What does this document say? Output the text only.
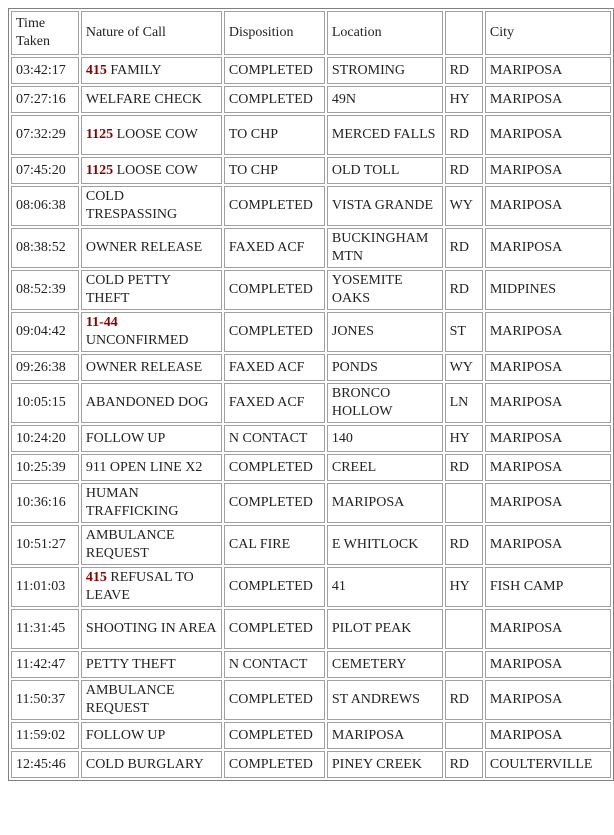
Time Taken	Nature of Call	Disposition	Location		City
03:42:17	415 FAMILY	COMPLETED	STROMING	RD	MARIPOSA
07:27:16	WELFARE CHECK	COMPLETED	49N	HY	MARIPOSA
07:32:29	1125 LOOSE COW	TO CHP	MERCED FALLS	RD	MARIPOSA
07:45:20	1125 LOOSE COW	TO CHP	OLD TOLL	RD	MARIPOSA
08:06:38	COLD TRESPASSING	COMPLETED	VISTA GRANDE	WY	MARIPOSA
08:38:52	OWNER RELEASE	FAXED ACF	BUCKINGHAM MTN	RD	MARIPOSA
08:52:39	COLD PETTY THEFT	COMPLETED	YOSEMITE OAKS	RD	MIDPINES
09:04:42	11-44 UNCONFIRMED	COMPLETED	JONES	ST	MARIPOSA
09:26:38	OWNER RELEASE	FAXED ACF	PONDS	WY	MARIPOSA
10:05:15	ABANDONED DOG	FAXED ACF	BRONCO HOLLOW	LN	MARIPOSA
10:24:20	FOLLOW UP	N CONTACT	140	HY	MARIPOSA
10:25:39	911 OPEN LINE X2	COMPLETED	CREEL	RD	MARIPOSA
10:36:16	HUMAN TRAFFICKING	COMPLETED	MARIPOSA		MARIPOSA
10:51:27	AMBULANCE REQUEST	CAL FIRE	E WHITLOCK	RD	MARIPOSA
11:01:03	415 REFUSAL TO LEAVE	COMPLETED	41	HY	FISH CAMP
11:31:45	SHOOTING IN AREA	COMPLETED	PILOT PEAK		MARIPOSA
11:42:47	PETTY THEFT	N CONTACT	CEMETERY		MARIPOSA
11:50:37	AMBULANCE REQUEST	COMPLETED	ST ANDREWS	RD	MARIPOSA
11:59:02	FOLLOW UP	COMPLETED	MARIPOSA		MARIPOSA
12:45:46	COLD BURGLARY	COMPLETED	PINEY CREEK	RD	COULTERVILLE
